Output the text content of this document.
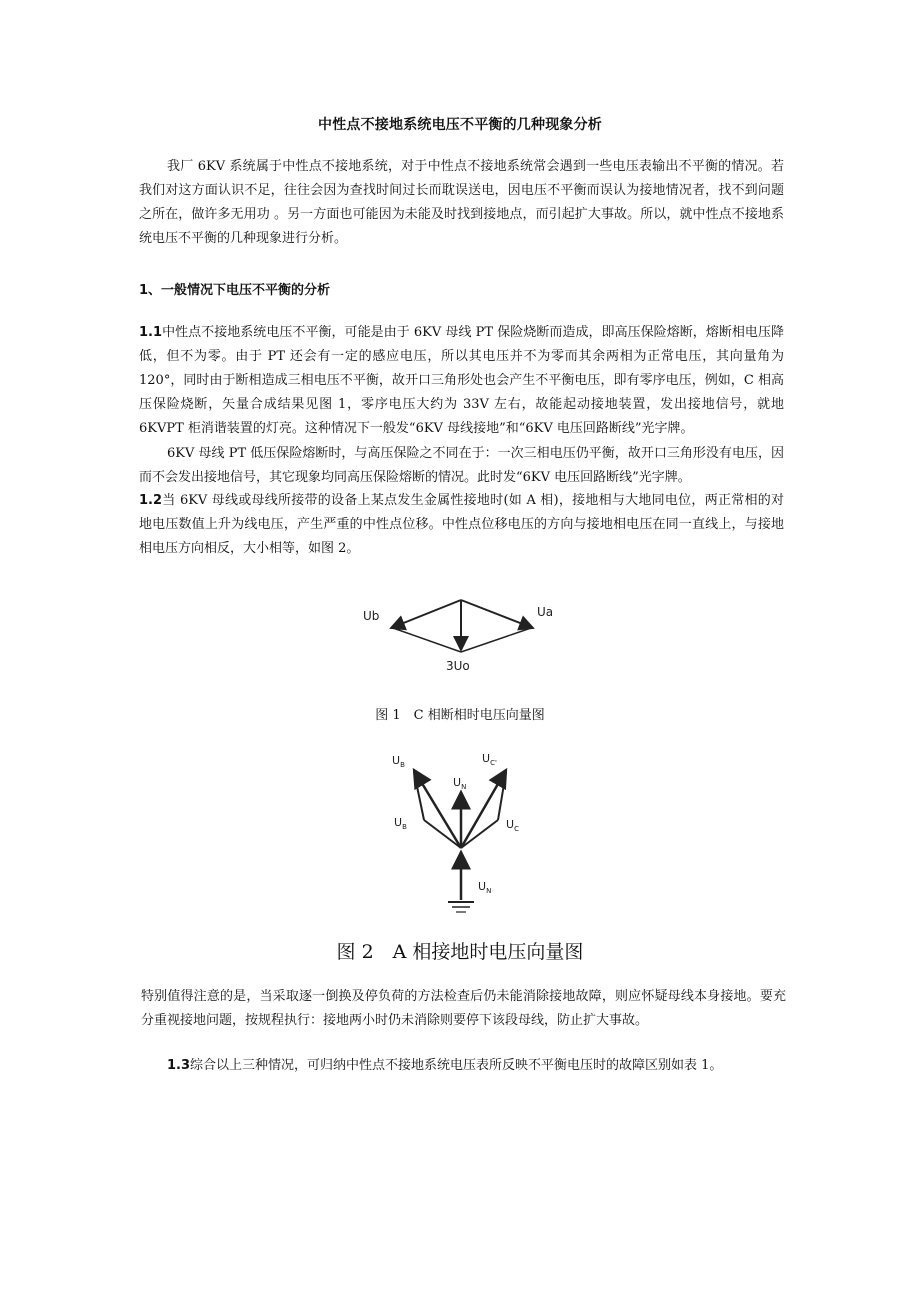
中性点不接地系统电压不平衡的几种现象分析
我厂 6KV 系统属于中性点不接地系统，对于中性点不接地系统常会遇到一些电压表输出不平衡的情况。若我们对这方面认识不足，往往会因为查找时间过长而耽误送电，因电压不平衡而误认为接地情况者，找不到问题之所在，做许多无用功 。另一方面也可能因为未能及时找到接地点，而引起扩大事故。所以，就中性点不接地系统电压不平衡的几种现象进行分析。
1、一般情况下电压不平衡的分析
1.1中性点不接地系统电压不平衡，可能是由于 6KV 母线 PT 保险烧断而造成，即高压保险熔断，熔断相电压降低，但不为零。由于 PT 还会有一定的感应电压，所以其电压并不为零而其余两相为正常电压，其向量角为 120°，同时由于断相造成三相电压不平衡，故开口三角形处也会产生不平衡电压，即有零序电压，例如，C 相高压保险烧断，矢量合成结果见图 1，零序电压大约为 33V 左右，故能起动接地装置，发出接地信号，就地 6KVPT 柜消谐装置的灯亮。这种情况下一般发“6KV 母线接地”和“6KV 电压回路断线”光字牌。
6KV 母线 PT 低压保险熔断时，与高压保险之不同在于：一次三相电压仍平衡，故开口三角形没有电压，因而不会发出接地信号，其它现象均同高压保险熔断的情况。此时发“6KV 电压回路断线”光字牌。
1.2当 6KV 母线或母线所接带的设备上某点发生金属性接地时(如 A 相)，接地相与大地同电位，两正常相的对地电压数值上升为线电压，产生严重的中性点位移。中性点位移电压的方向与接地相电压在同一直线上，与接地相电压方向相反，大小相等，如图 2。
Ub	Ua
3Uo
图 1　C 相断相时电压向量图
$U_B$	$U_{C'}$
$U_N$
$U_B$	$U_C$
$U_N$
图 2　A 相接地时电压向量图
特别值得注意的是，当采取逐一倒换及停负荷的方法检查后仍未能消除接地故障，则应怀疑母线本身接地。要充分重视接地问题，按规程执行：接地两小时仍未消除则要停下该段母线，防止扩大事故。
1.3综合以上三种情况，可归纳中性点不接地系统电压表所反映不平衡电压时的故障区别如表 1。
